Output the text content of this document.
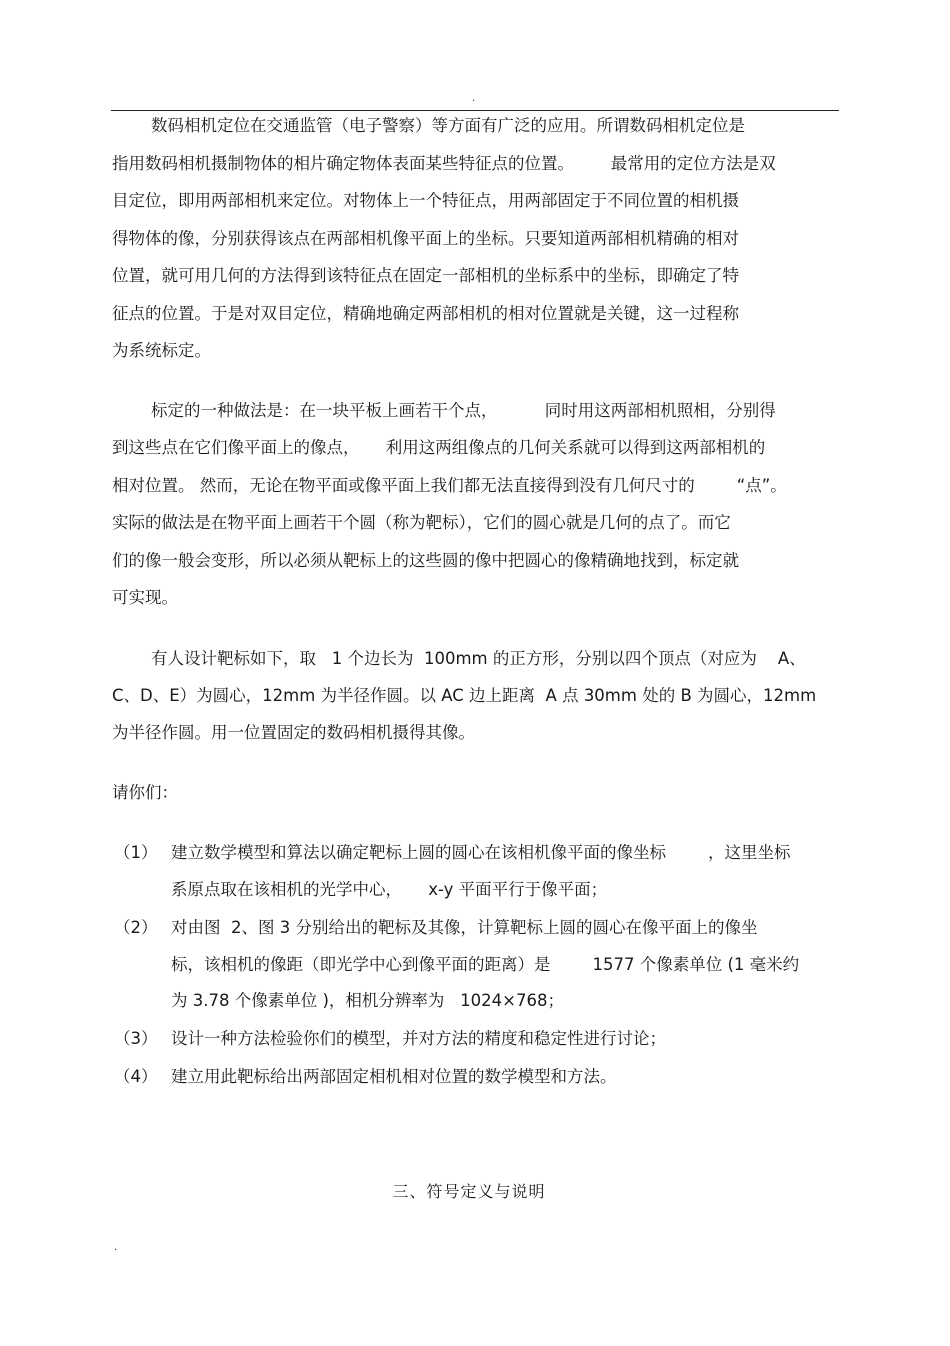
.
数码相机定位在交通监管（电子警察）等方面有广泛的应用。所谓数码相机定位是
指用数码相机摄制物体的相片确定物体表面某些特征点的位置。       最常用的定位方法是双
目定位，即用两部相机来定位。对物体上一个特征点，用两部固定于不同位置的相机摄
得物体的像，分别获得该点在两部相机像平面上的坐标。只要知道两部相机精确的相对
位置，就可用几何的方法得到该特征点在固定一部相机的坐标系中的坐标，即确定了特
征点的位置。于是对双目定位，精确地确定两部相机的相对位置就是关键，这一过程称
为系统标定。
标定的一种做法是：在一块平板上画若干个点，         同时用这两部相机照相，分别得
到这些点在它们像平面上的像点，     利用这两组像点的几何关系就可以得到这两部相机的
相对位置。 然而，无论在物平面或像平面上我们都无法直接得到没有几何尺寸的        “点”。
实际的做法是在物平面上画若干个圆（称为靶标），它们的圆心就是几何的点了。而它
们的像一般会变形，所以必须从靶标上的这些圆的像中把圆心的像精确地找到，标定就
可实现。
有人设计靶标如下，取   1 个边长为  100mm 的正方形，分别以四个顶点（对应为    A、
C、D、E）为圆心，12mm 为半径作圆。以 AC 边上距离  A 点 30mm 处的 B 为圆心，12mm
为半径作圆。用一位置固定的数码相机摄得其像。
请你们：
（1） 建立数学模型和算法以确定靶标上圆的圆心在该相机像平面的像坐标        ，这里坐标
系原点取在该相机的光学中心，     x-y 平面平行于像平面；
（2） 对由图  2、图 3 分别给出的靶标及其像，计算靶标上圆的圆心在像平面上的像坐
标，该相机的像距（即光学中心到像平面的距离）是        1577 个像素单位 (1 毫米约
为 3.78 个像素单位 )，相机分辨率为   1024×768；
（3） 设计一种方法检验你们的模型，并对方法的精度和稳定性进行讨论；
（4） 建立用此靶标给出两部固定相机相对位置的数学模型和方法。
三、符号定义与说明
.
